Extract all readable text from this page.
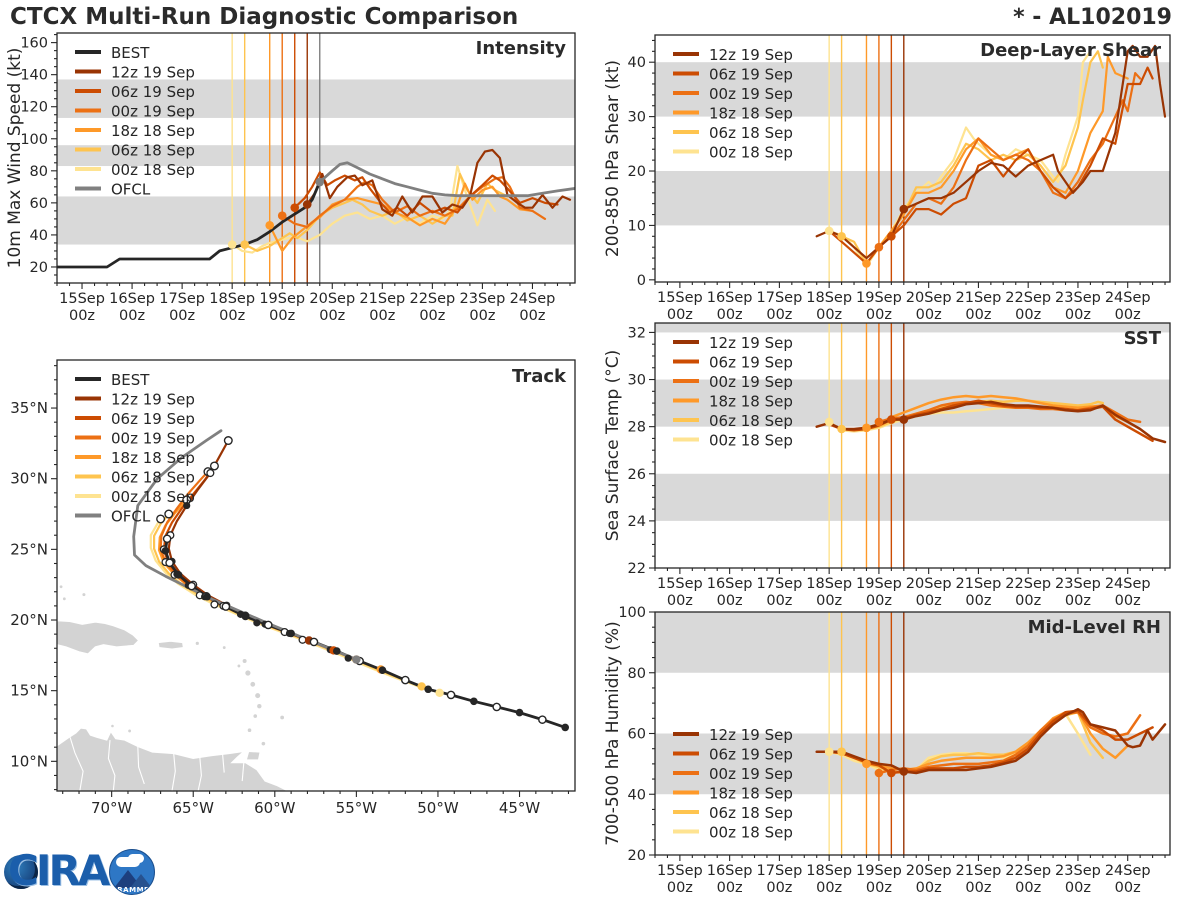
CTCX Multi-Run Diagnostic Comparison	* - AL102019
15Sep
00z
16Sep
00z
17Sep
00z
18Sep
00z
19Sep
00z
20Sep
00z
21Sep
00z
22Sep
00z
23Sep
00z
24Sep
00z
20
40
60
80
100
120
140
160
10m Max Wind Speed (kt)	Intensity
BEST
12z 19 Sep
06z 19 Sep
00z 19 Sep
18z 18 Sep
06z 18 Sep
00z 18 Sep
OFCL
15Sep
00z
16Sep
00z
17Sep
00z
18Sep
00z
19Sep
00z
20Sep
00z
21Sep
00z
22Sep
00z
23Sep
00z
24Sep
00z
0
10
20
30
40
200-850 hPa Shear (kt)
Deep-Layer Shear
12z 19 Sep
06z 19 Sep
00z 19 Sep
18z 18 Sep
06z 18 Sep
00z 18 Sep
15Sep
00z
16Sep
00z
17Sep
00z
18Sep
00z
19Sep
00z
20Sep
00z
21Sep
00z
22Sep
00z
23Sep
00z
24Sep
00z
22
24
26
28
30
32
Sea Surface Temp (°C)
SST
12z 19 Sep
06z 19 Sep
00z 19 Sep
18z 18 Sep
06z 18 Sep
00z 18 Sep
15Sep
00z
16Sep
00z
17Sep
00z
18Sep
00z
19Sep
00z
20Sep
00z
21Sep
00z
22Sep
00z
23Sep
00z
24Sep
00z
20
40
60
80
100
700-500 hPa Humidity (%)	Mid-Level RH
12z 19 Sep
06z 19 Sep
00z 19 Sep
18z 18 Sep
06z 18 Sep
00z 18 Sep
45°W
50°W
55°W
60°W
65°W
70°W
10°N
15°N
20°N
25°N
30°N
35°N
Track
BEST
12z 19 Sep
06z 19 Sep
00z 19 Sep
18z 18 Sep
06z 18 Sep
00z 18 Sep
OFCL
CIRA RAMMB
